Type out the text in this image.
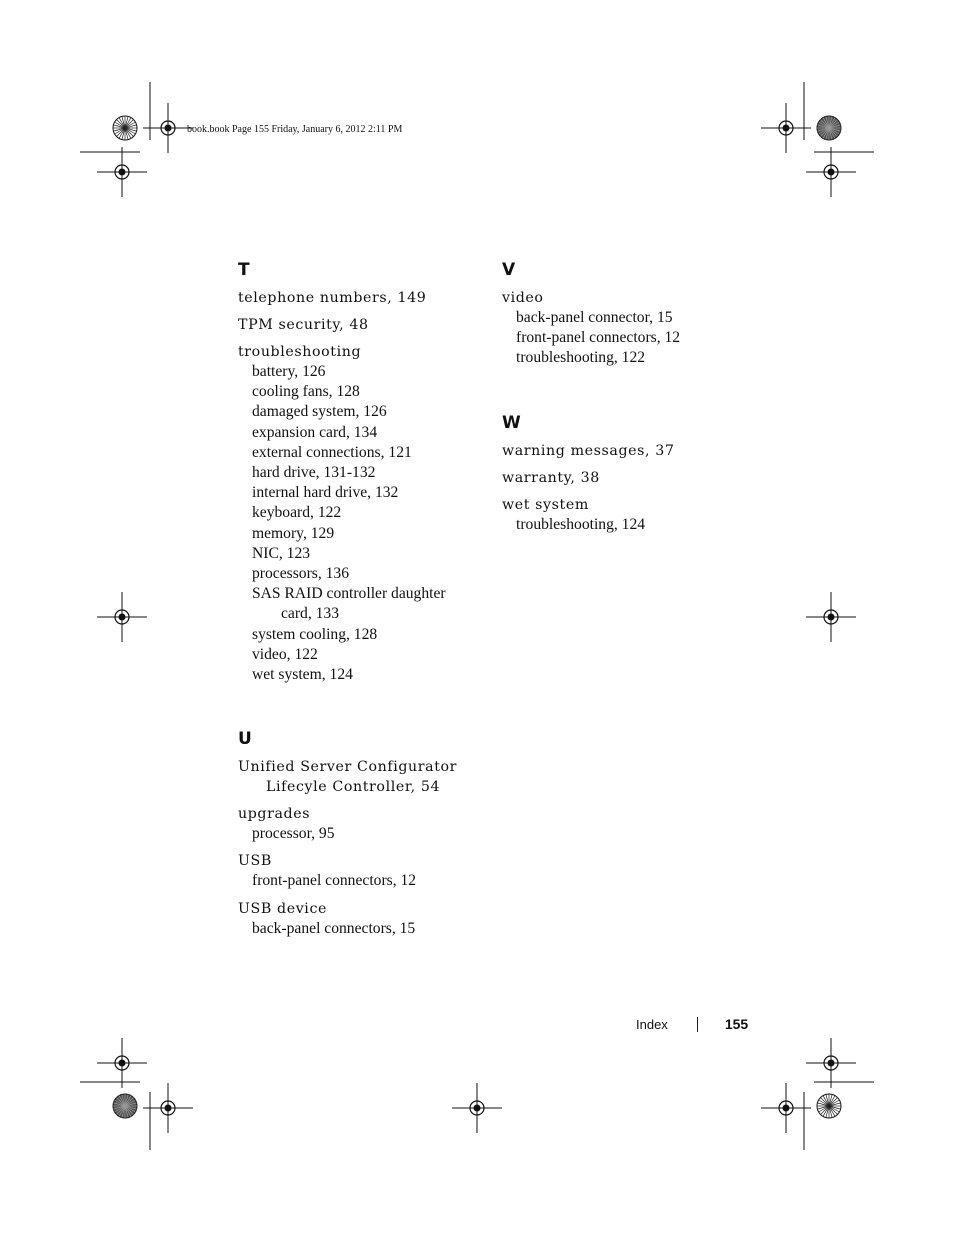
book.book Page 155 Friday, January 6, 2012 2:11 PM
T
telephone numbers, 149
TPM security, 48
troubleshooting
battery, 126
cooling fans, 128
damaged system, 126
expansion card, 134
external connections, 121
hard drive, 131-132
internal hard drive, 132
keyboard, 122
memory, 129
NIC, 123
processors, 136
SAS RAID controller daughter
card, 133
system cooling, 128
video, 122
wet system, 124
U
Unified Server Configurator
Lifecyle Controller, 54
upgrades
processor, 95
USB
front-panel connectors, 12
USB device
back-panel connectors, 15
V
video
back-panel connector, 15
front-panel connectors, 12
troubleshooting, 122
W
warning messages, 37
warranty, 38
wet system
troubleshooting, 124
Index	155
